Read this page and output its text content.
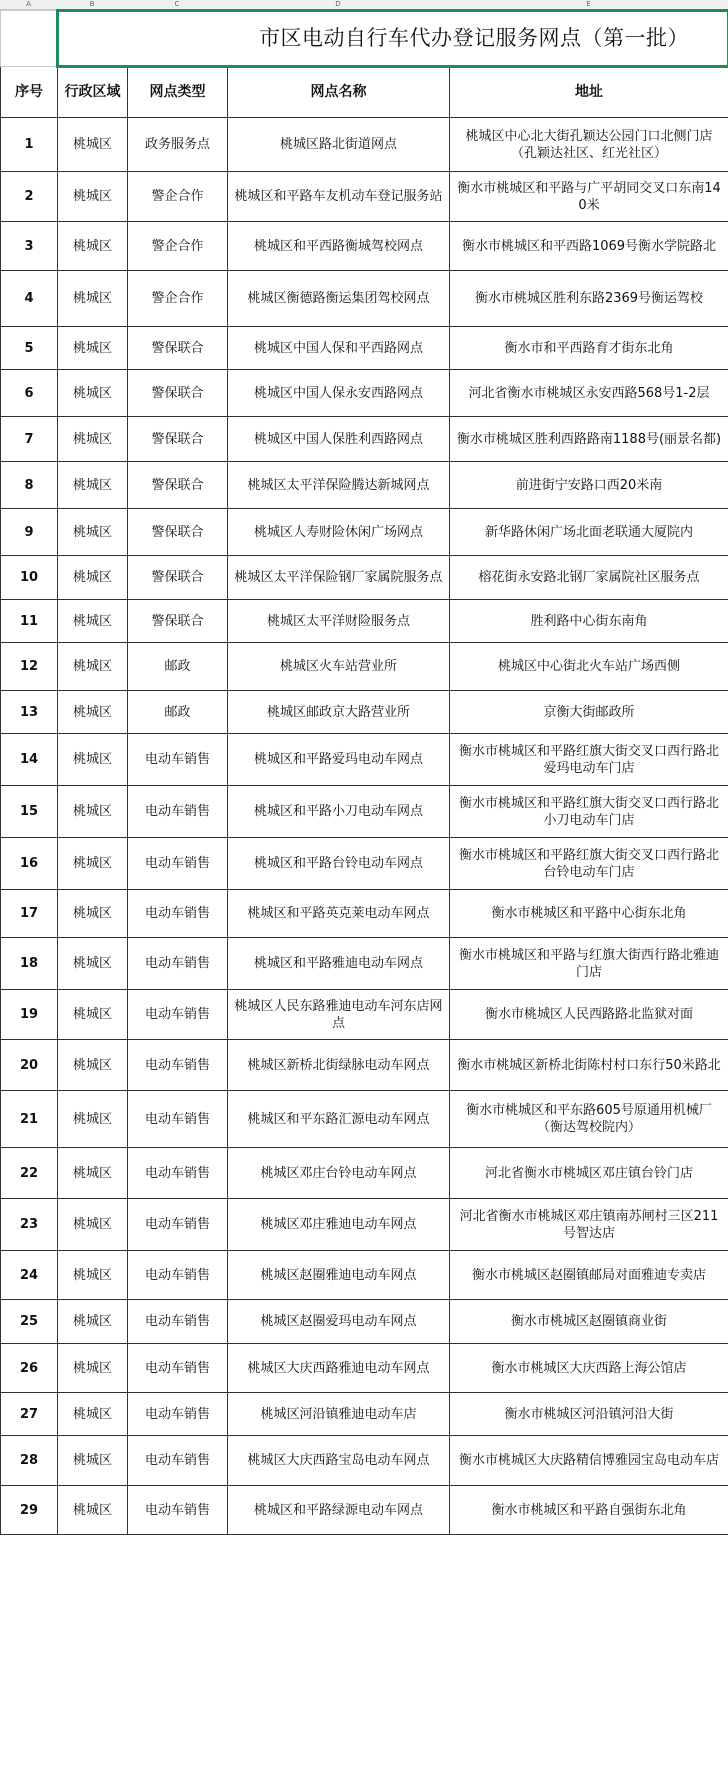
A	B	C	D	E
	市区电动自行车代办登记服务网点（第一批）			
序号	行政区域	网点类型	网点名称	地址
1	桃城区	政务服务点	桃城区路北街道网点	桃城区中心北大街孔颖达公园门口北侧门店（孔颖达社区、红光社区）
2	桃城区	警企合作	桃城区和平路车友机动车登记服务站	衡水市桃城区和平路与广平胡同交叉口东南140米
3	桃城区	警企合作	桃城区和平西路衡城驾校网点	衡水市桃城区和平西路1069号衡水学院路北
4	桃城区	警企合作	桃城区衡德路衡运集团驾校网点	衡水市桃城区胜利东路2369号衡运驾校
5	桃城区	警保联合	桃城区中国人保和平西路网点	衡水市和平西路育才街东北角
6	桃城区	警保联合	桃城区中国人保永安西路网点	河北省衡水市桃城区永安西路568号1-2层
7	桃城区	警保联合	桃城区中国人保胜利西路网点	衡水市桃城区胜利西路路南1188号(丽景名都)
8	桃城区	警保联合	桃城区太平洋保险腾达新城网点	前进街宁安路口西20米南
9	桃城区	警保联合	桃城区人寿财险休闲广场网点	新华路休闲广场北面老联通大厦院内
10	桃城区	警保联合	桃城区太平洋保险钢厂家属院服务点	榕花街永安路北钢厂家属院社区服务点
11	桃城区	警保联合	桃城区太平洋财险服务点	胜利路中心街东南角
12	桃城区	邮政	桃城区火车站营业所	桃城区中心街北火车站广场西侧
13	桃城区	邮政	桃城区邮政京大路营业所	京衡大街邮政所
14	桃城区	电动车销售	桃城区和平路爱玛电动车网点	衡水市桃城区和平路红旗大街交叉口西行路北爱玛电动车门店
15	桃城区	电动车销售	桃城区和平路小刀电动车网点	衡水市桃城区和平路红旗大街交叉口西行路北小刀电动车门店
16	桃城区	电动车销售	桃城区和平路台铃电动车网点	衡水市桃城区和平路红旗大街交叉口西行路北台铃电动车门店
17	桃城区	电动车销售	桃城区和平路英克莱电动车网点	衡水市桃城区和平路中心街东北角
18	桃城区	电动车销售	桃城区和平路雅迪电动车网点	衡水市桃城区和平路与红旗大街西行路北雅迪门店
19	桃城区	电动车销售	桃城区人民东路雅迪电动车河东店网点	衡水市桃城区人民西路路北监狱对面
20	桃城区	电动车销售	桃城区新桥北街绿脉电动车网点	衡水市桃城区新桥北街陈村村口东行50米路北
21	桃城区	电动车销售	桃城区和平东路汇源电动车网点	衡水市桃城区和平东路605号原通用机械厂（衡达驾校院内）
22	桃城区	电动车销售	桃城区邓庄台铃电动车网点	河北省衡水市桃城区邓庄镇台铃门店
23	桃城区	电动车销售	桃城区邓庄雅迪电动车网点	河北省衡水市桃城区邓庄镇南苏闸村三区211号智达店
24	桃城区	电动车销售	桃城区赵圈雅迪电动车网点	衡水市桃城区赵圈镇邮局对面雅迪专卖店
25	桃城区	电动车销售	桃城区赵圈爱玛电动车网点	衡水市桃城区赵圈镇商业街
26	桃城区	电动车销售	桃城区大庆西路雅迪电动车网点	衡水市桃城区大庆西路上海公馆店
27	桃城区	电动车销售	桃城区河沿镇雅迪电动车店	衡水市桃城区河沿镇河沿大街
28	桃城区	电动车销售	桃城区大庆西路宝岛电动车网点	衡水市桃城区大庆路精信博雅园宝岛电动车店
29	桃城区	电动车销售	桃城区和平路绿源电动车网点	衡水市桃城区和平路自强街东北角
